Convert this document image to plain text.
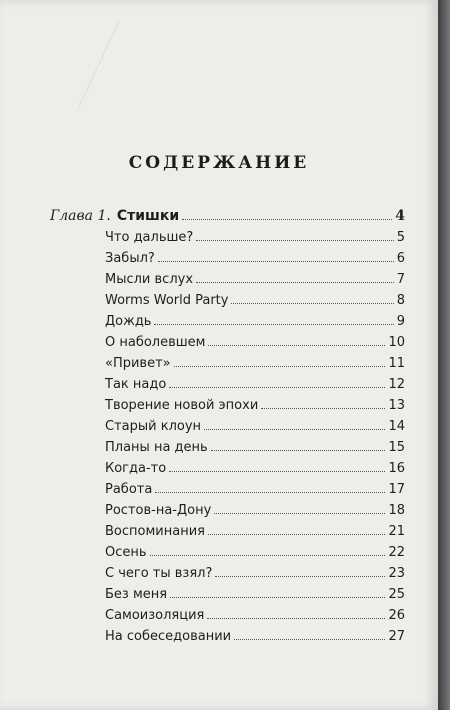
СОДЕРЖАНИЕ
Глава 1. Стишки	4
Что дальше?	5
Забыл?	6
Мысли вслух	7
Worms World Party	8
Дождь	9
О наболевшем	10
«Привет»	11
Так надо	12
Творение новой эпохи	13
Старый клоун	14
Планы на день	15
Когда-то	16
Работа	17
Ростов-на-Дону	18
Воспоминания	21
Осень	22
С чего ты взял?	23
Без меня	25
Самоизоляция	26
На собеседовании	27
